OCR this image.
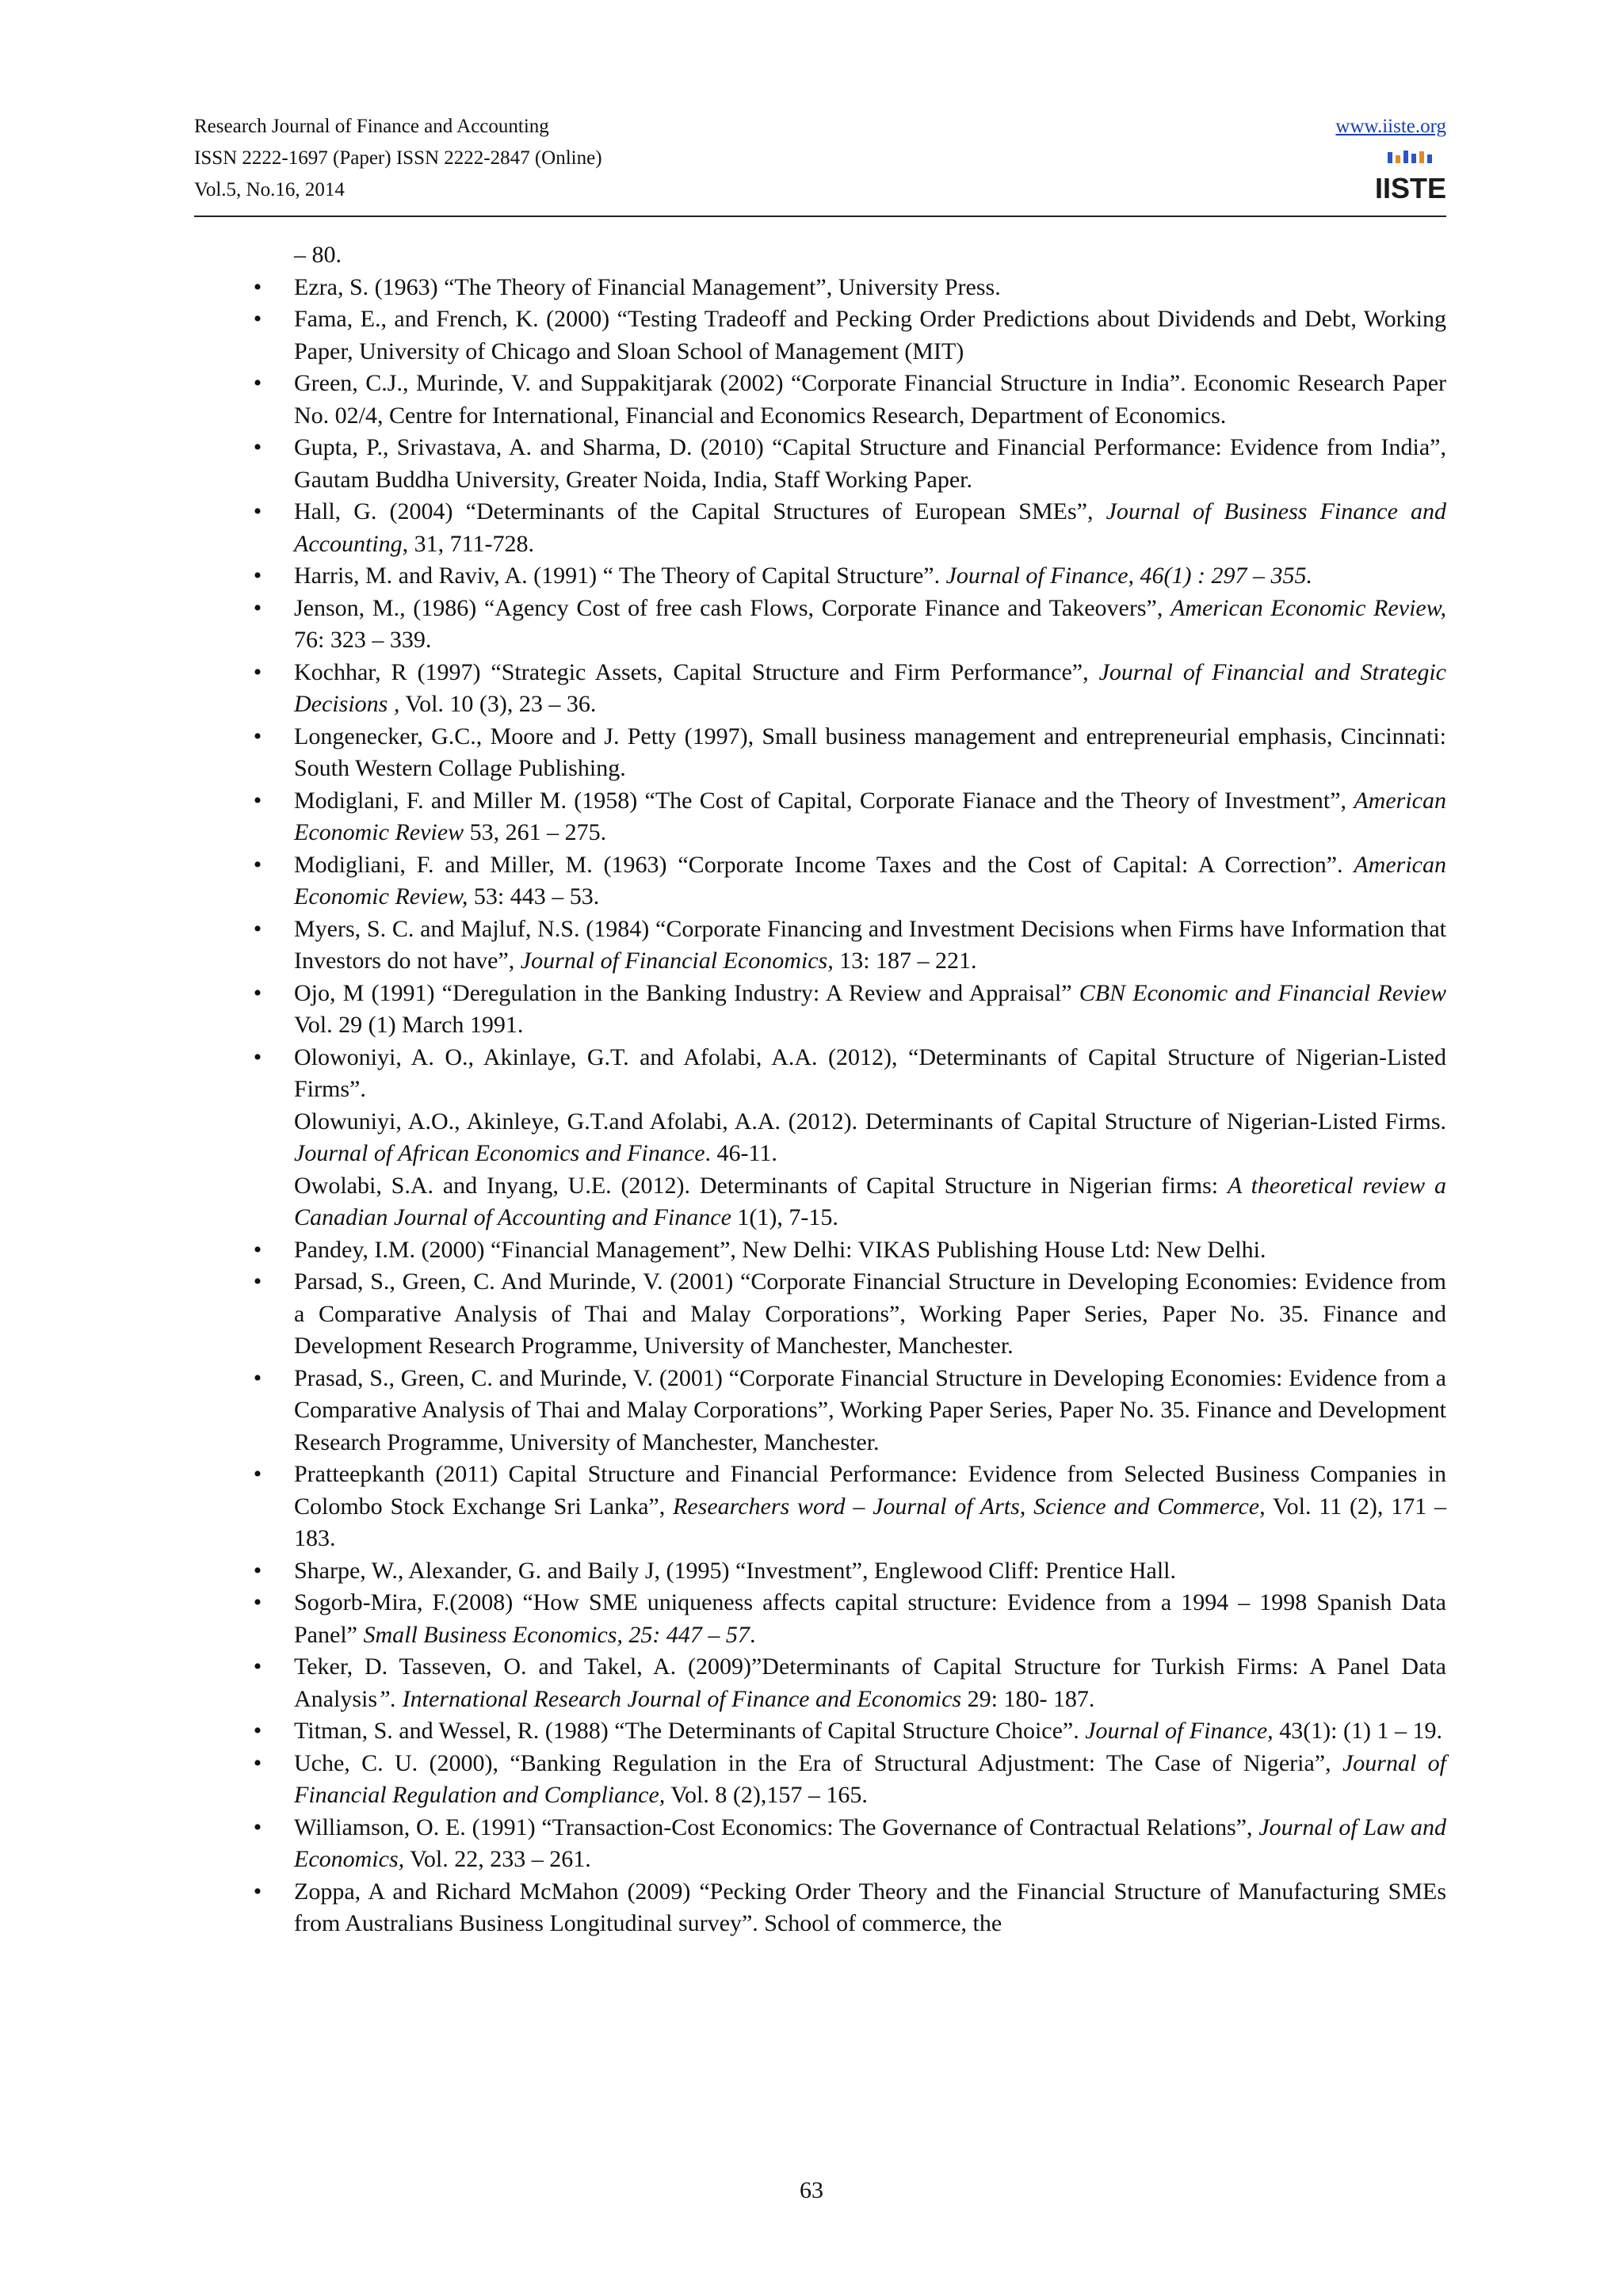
Research Journal of Finance and Accounting
ISSN 2222-1697 (Paper) ISSN 2222-2847 (Online)
Vol.5, No.16, 2014
www.iiste.org
IISTE
– 80.
• Ezra, S. (1963) “The Theory of Financial Management”, University Press.
• Fama, E., and French, K. (2000) “Testing Tradeoff and Pecking Order Predictions about Dividends and Debt, Working Paper, University of Chicago and Sloan School of Management (MIT)
• Green, C.J., Murinde, V. and Suppakitjarak (2002) “Corporate Financial Structure in India”. Economic Research Paper No. 02/4, Centre for International, Financial and Economics Research, Department of Economics.
• Gupta, P., Srivastava, A. and Sharma, D. (2010) “Capital Structure and Financial Performance: Evidence from India”, Gautam Buddha University, Greater Noida, India, Staff Working Paper.
• Hall, G. (2004) “Determinants of the Capital Structures of European SMEs”, Journal of Business Finance and Accounting, 31, 711-728.
• Harris, M. and Raviv, A. (1991) “ The Theory of Capital Structure”. Journal of Finance, 46(1) : 297 – 355.
• Jenson, M., (1986) “Agency Cost of free cash Flows, Corporate Finance and Takeovers”, American Economic Review, 76: 323 – 339.
• Kochhar, R (1997) “Strategic Assets, Capital Structure and Firm Performance”, Journal of Financial and Strategic Decisions , Vol. 10 (3), 23 – 36.
• Longenecker, G.C., Moore and J. Petty (1997), Small business management and entrepreneurial emphasis, Cincinnati: South Western Collage Publishing.
• Modiglani, F. and Miller M. (1958) “The Cost of Capital, Corporate Fianace and the Theory of Investment”, American Economic Review 53, 261 – 275.
• Modigliani, F. and Miller, M. (1963) “Corporate Income Taxes and the Cost of Capital: A Correction”. American Economic Review, 53: 443 – 53.
• Myers, S. C. and Majluf, N.S. (1984) “Corporate Financing and Investment Decisions when Firms have Information that Investors do not have”, Journal of Financial Economics, 13: 187 – 221.
• Ojo, M (1991) “Deregulation in the Banking Industry: A Review and Appraisal” CBN Economic and Financial Review Vol. 29 (1) March 1991.
• Olowoniyi, A. O., Akinlaye, G.T. and Afolabi, A.A. (2012), “Determinants of Capital Structure of Nigerian-Listed Firms”.
Olowuniyi, A.O., Akinleye, G.T.and Afolabi, A.A. (2012). Determinants of Capital Structure of Nigerian-Listed Firms. Journal of African Economics and Finance. 46-11.
Owolabi, S.A. and Inyang, U.E. (2012). Determinants of Capital Structure in Nigerian firms: A theoretical review a Canadian Journal of Accounting and Finance 1(1), 7-15.
• Pandey, I.M. (2000) “Financial Management”, New Delhi: VIKAS Publishing House Ltd: New Delhi.
• Parsad, S., Green, C. And Murinde, V. (2001) “Corporate Financial Structure in Developing Economies: Evidence from a Comparative Analysis of Thai and Malay Corporations”, Working Paper Series, Paper No. 35. Finance and Development Research Programme, University of Manchester, Manchester.
• Prasad, S., Green, C. and Murinde, V. (2001) “Corporate Financial Structure in Developing Economies: Evidence from a Comparative Analysis of Thai and Malay Corporations”, Working Paper Series, Paper No. 35. Finance and Development Research Programme, University of Manchester, Manchester.
• Pratteepkanth (2011) Capital Structure and Financial Performance: Evidence from Selected Business Companies in Colombo Stock Exchange Sri Lanka”, Researchers word – Journal of Arts, Science and Commerce, Vol. 11 (2), 171 – 183.
• Sharpe, W., Alexander, G. and Baily J, (1995) “Investment”, Englewood Cliff: Prentice Hall.
• Sogorb-Mira, F.(2008) “How SME uniqueness affects capital structure: Evidence from a 1994 – 1998 Spanish Data Panel” Small Business Economics, 25: 447 – 57.
• Teker, D. Tasseven, O. and Takel, A. (2009)”Determinants of Capital Structure for Turkish Firms: A Panel Data Analysis”. International Research Journal of Finance and Economics 29: 180- 187.
• Titman, S. and Wessel, R. (1988) “The Determinants of Capital Structure Choice”. Journal of Finance, 43(1): (1) 1 – 19.
• Uche, C. U. (2000), “Banking Regulation in the Era of Structural Adjustment: The Case of Nigeria”, Journal of Financial Regulation and Compliance, Vol. 8 (2),157 – 165.
• Williamson, O. E. (1991) “Transaction-Cost Economics: The Governance of Contractual Relations”, Journal of Law and Economics, Vol. 22, 233 – 261.
• Zoppa, A and Richard McMahon (2009) “Pecking Order Theory and the Financial Structure of Manufacturing SMEs from Australians Business Longitudinal survey”. School of commerce, the
63
